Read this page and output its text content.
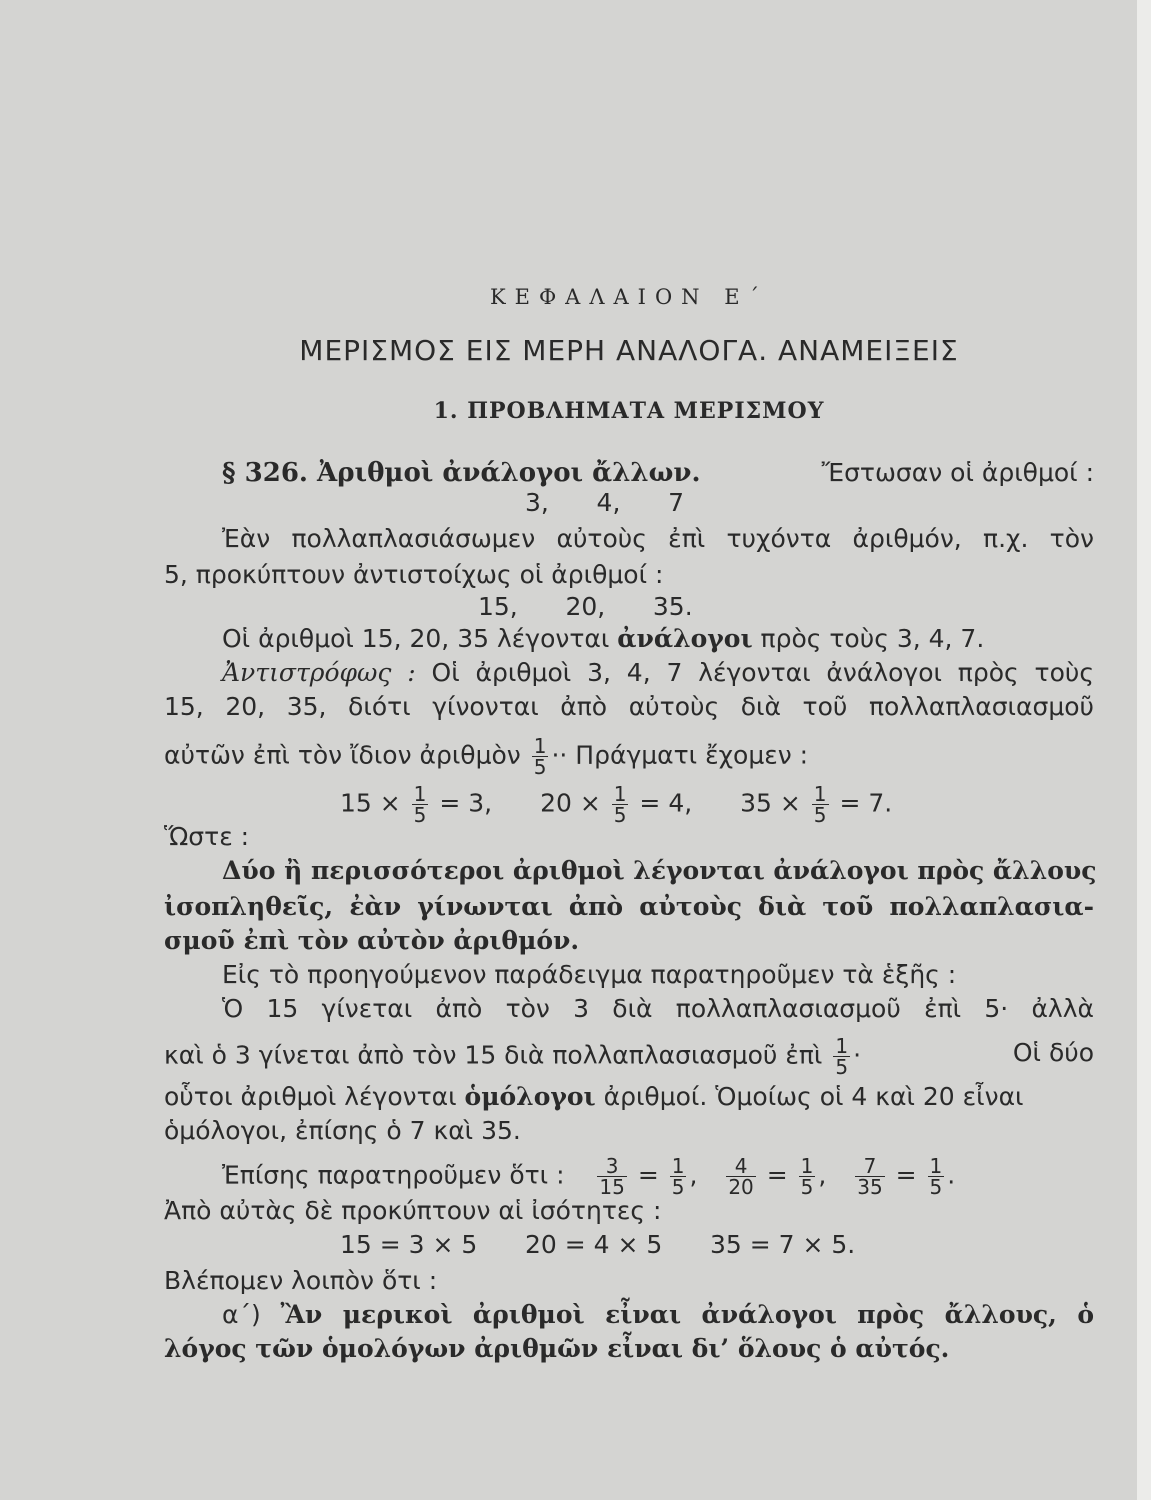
ΚΕΦΑΛΑΙΟΝ Ε΄
ΜΕΡΙΣΜΟΣ ΕΙΣ ΜΕΡΗ ΑΝΑΛΟΓΑ. ΑΝΑΜΕΙΞΕΙΣ
1. ΠΡΟΒΛΗΜΑΤΑ ΜΕΡΙΣΜΟΥ
§ 326. Ἀριθμοὶ ἀνάλογοι ἄλλων.	Ἔστωσαν οἱ ἀριθμοί :
3,      4,      7
Ἐὰν πολλαπλασιάσωμεν αὐτοὺς ἐπὶ τυχόντα ἀριθμόν, π.χ. τὸν
5, προκύπτουν ἀντιστοίχως οἱ ἀριθμοί :
15,      20,      35.
Οἱ ἀριθμοὶ 15, 20, 35 λέγονται ἀνάλογοι πρὸς τοὺς 3, 4, 7.
Ἀντιστρόφως : Οἱ ἀριθμοὶ 3, 4, 7 λέγονται ἀνάλογοι πρὸς τοὺς
15, 20, 35, διότι γίνονται ἀπὸ αὐτοὺς διὰ τοῦ πολλαπλασιασμοῦ
αὐτῶν ἐπὶ τὸν ἴδιον ἀριθμὸν $\frac{1}{5} \cdot\cdot \Pi\rho ά\gamma\mu\alpha\tau\iota$ ἔχομεν :
$15 \times \frac{1}{5} = 3$, $20 \times \frac{1}{5} = 4$, $35 \times \frac{1}{5} = 7$.
Ὥστε :
Δύο ἢ περισσότεροι ἀριθμοὶ λέγονται ἀνάλογοι πρὸς ἄλλους
ἰσοπληθεῖς, ἐὰν γίνωνται ἀπὸ αὐτοὺς διὰ τοῦ πολλαπλασια-
σμοῦ ἐπὶ τὸν αὐτὸν ἀριθμόν.
Εἰς τὸ προηγούμενον παράδειγμα παρατηροῦμεν τὰ ἑξῆς :
Ὁ 15 γίνεται ἀπὸ τὸν 3 διὰ πολλαπλασιασμοῦ ἐπὶ 5· ἀλλὰ
καὶ ὁ 3 γίνεται ἀπὸ τὸν 15 διὰ πολλαπλασιασμοῦ ἐπὶ $\frac{1}{5}$ ·	Οἱ δύο
οὗτοι ἀριθμοὶ λέγονται ὁμόλογοι ἀριθμοί. Ὁμοίως οἱ 4 καὶ 20 εἶναι
ὁμόλογοι, ἐπίσης ὁ 7 καὶ 35.
Ἐπίσης παρατηροῦμεν ὅτι : $\frac{3}{15} = \frac{1}{5}$ , $\frac{4}{20} = \frac{1}{5}$ , $\frac{7}{35} = \frac{1}{5}$ .
Ἀπὸ αὐτὰς δὲ προκύπτουν αἱ ἰσότητες :
15 = 3 × 5      20 = 4 × 5      35 = 7 × 5.
Βλέπομεν λοιπὸν ὅτι :
α΄) Ἂν μερικοὶ ἀριθμοὶ εἶναι ἀνάλογοι πρὸς ἄλλους, ὁ
λόγος τῶν ὁμολόγων ἀριθμῶν εἶναι δι’ ὅλους ὁ αὐτός.
